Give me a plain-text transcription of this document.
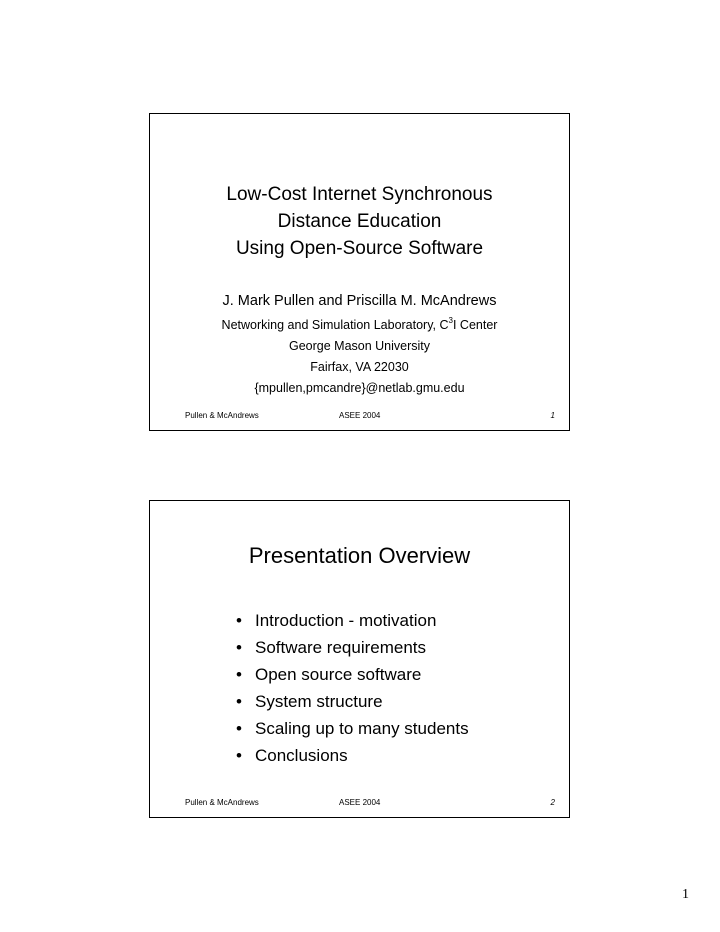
Low-Cost Internet Synchronous
Distance Education
Using Open-Source Software
J. Mark Pullen and Priscilla M. McAndrews
Networking and Simulation Laboratory, $C^3I$ Center
George Mason University
Fairfax, VA 22030
{mpullen,pmcandre}@netlab.gmu.edu
Pullen & McAndrews	ASEE 2004	1
Presentation Overview
• Introduction - motivation
• Software requirements
• Open source software
• System structure
• Scaling up to many students
• Conclusions
Pullen & McAndrews	ASEE 2004	2
1
